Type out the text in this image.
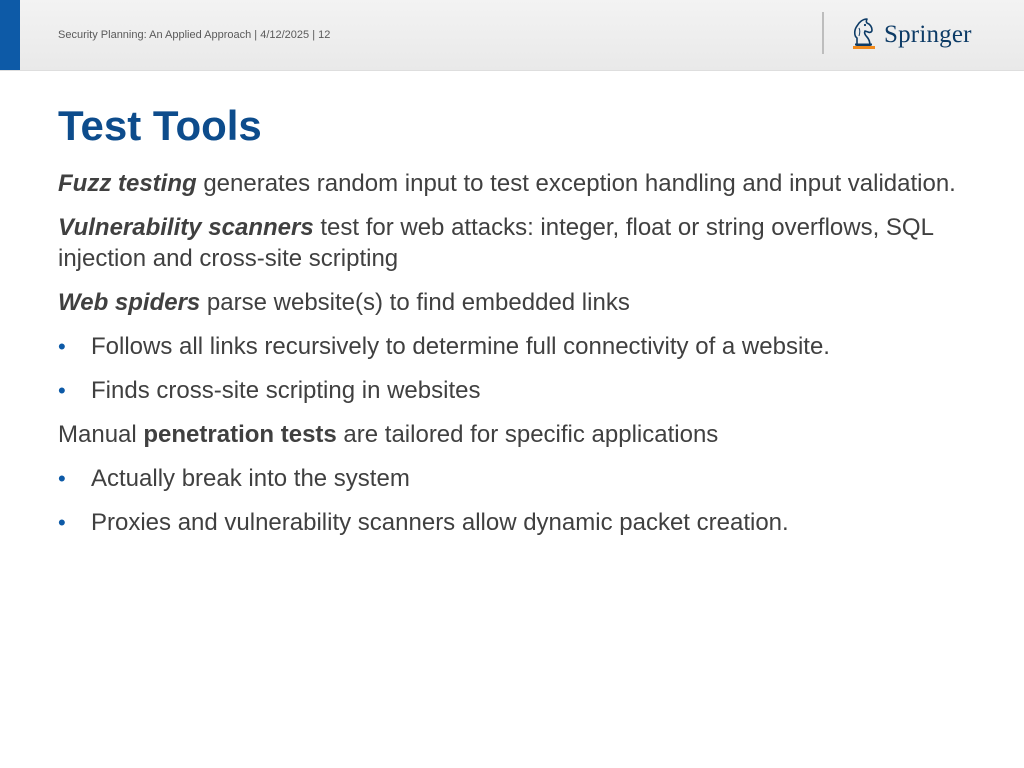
Security Planning: An Applied Approach | 4/12/2025 | 12	Springer
Test Tools

Fuzz testing generates random input to test exception handling and input validation.

Vulnerability scanners test for web attacks: integer, float or string overflows, SQL injection and cross-site scripting

Web spiders parse website(s) to find embedded links

• Follows all links recursively to determine full connectivity of a website.
• Finds cross-site scripting in websites

Manual penetration tests are tailored for specific applications

• Actually break into the system
• Proxies and vulnerability scanners allow dynamic packet creation.
